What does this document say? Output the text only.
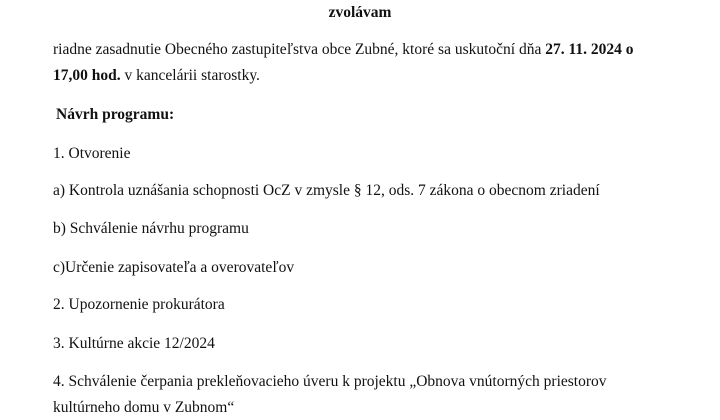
zvolávam
riadne zasadnutie Obecného zastupiteľstva obce Zubné, ktoré sa uskutoční dňa 27. 11. 2024 o
17,00 hod. v kancelárii starostky.
Návrh programu:
1. Otvorenie
a) Kontrola uznášania schopnosti OcZ v zmysle § 12, ods. 7 zákona o obecnom zriadení
b) Schválenie návrhu programu
c)Určenie zapisovateľa a overovateľov
2. Upozornenie prokurátora
3. Kultúrne akcie 12/2024
4. Schválenie čerpania prekleňovacieho úveru k projektu „Obnova vnútorných priestorov
kultúrneho domu v Zubnom“
